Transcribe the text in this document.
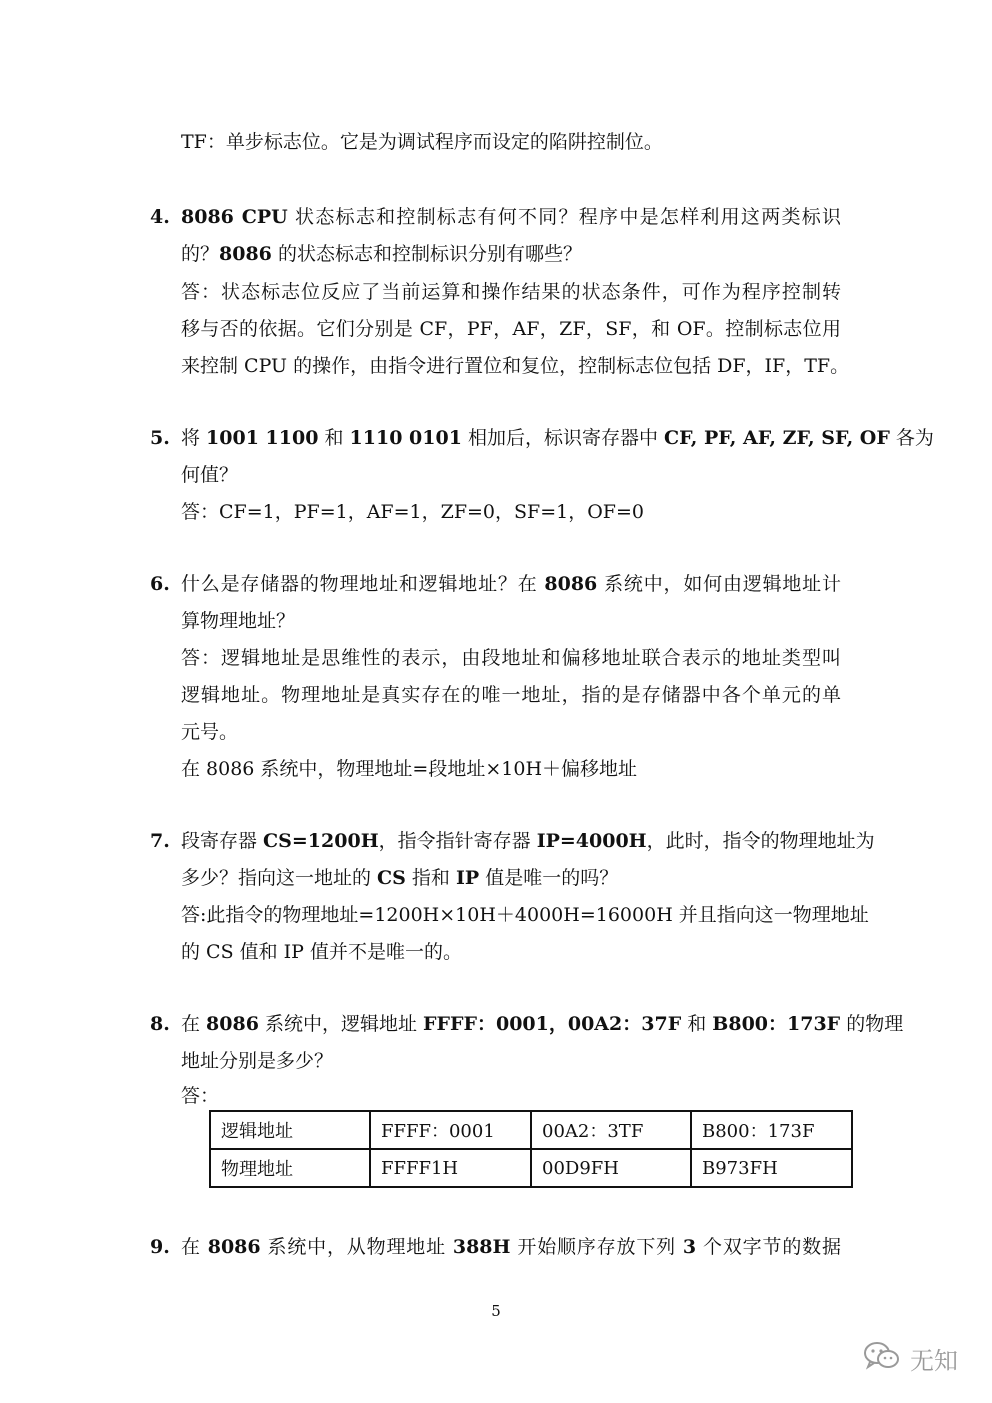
TF：单步标志位。它是为调试程序而设定的陷阱控制位。
4. 8086 CPU 状态标志和控制标志有何不同？程序中是怎样利用这两类标识
的？8086 的状态标志和控制标识分别有哪些？
答：状态标志位反应了当前运算和操作结果的状态条件，可作为程序控制转
移与否的依据。它们分别是 CF，PF，AF，ZF，SF，和 OF。控制标志位用
来控制 CPU 的操作，由指令进行置位和复位，控制标志位包括 DF，IF，TF。
5. 将 1001 1100 和 1110 0101 相加后，标识寄存器中 CF, PF, AF, ZF, SF, OF 各为
何值？
答：CF=1，PF=1，AF=1，ZF=0，SF=1，OF=0
6. 什么是存储器的物理地址和逻辑地址？在 8086 系统中，如何由逻辑地址计
算物理地址？
答：逻辑地址是思维性的表示，由段地址和偏移地址联合表示的地址类型叫
逻辑地址。物理地址是真实存在的唯一地址，指的是存储器中各个单元的单
元号。
在 8086 系统中，物理地址=段地址×10H＋偏移地址
7. 段寄存器 CS=1200H，指令指针寄存器 IP=4000H，此时，指令的物理地址为
多少？指向这一地址的 CS 指和 IP 值是唯一的吗？
答:此指令的物理地址=1200H×10H＋4000H=16000H 并且指向这一物理地址
的 CS 值和 IP 值并不是唯一的。
8. 在 8086 系统中，逻辑地址 FFFF：0001，00A2：37F 和 B800：173F 的物理
地址分别是多少？
答：
逻辑地址	FFFF：0001	00A2：3TF	B800：173F
物理地址	FFFF1H	00D9FH	B973FH
9. 在 8086 系统中，从物理地址 388H 开始顺序存放下列 3 个双字节的数据
5
无知
